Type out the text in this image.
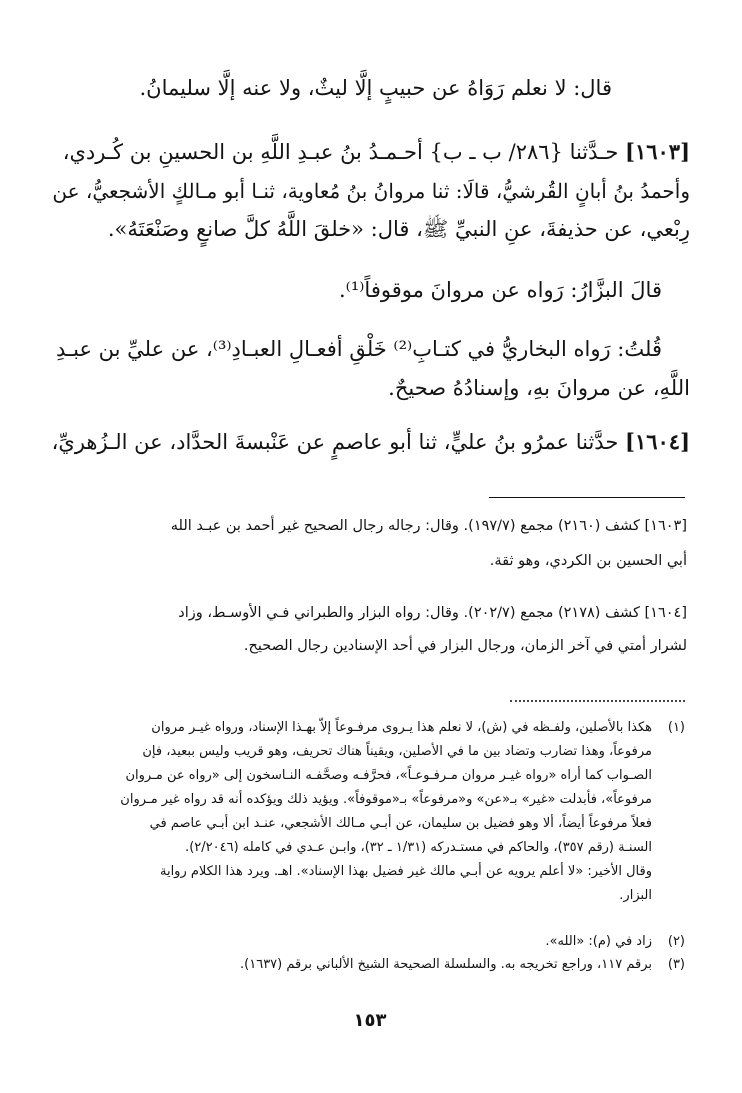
قال: لا نعلم رَوَاهُ عن حبيبٍ إلَّا ليثٌ، ولا عنه إلَّا سليمانُ.
[١٦٠٣] حـدَّثنا {٢٨٦/ ب ـ ب} أحـمـدُ بنُ عبـدِ اللَّهِ بن الحسينِ بن كُـردي،
وأحمدُ بنُ أبانٍ القُرشيُّ، قالَا: ثنا مروانُ بنُ مُعاوية، ثنـا أبو مـالكٍ الأشجعيُّ، عن
رِبْعي، عن حذيفةَ، عنِ النبيِّ ﷺ، قال: «خلقَ اللَّهُ كلَّ صانعٍ وصَنْعَتَهُ».
قالَ البزَّارُ: رَواه عن مروانَ موقوفاً⁽¹⁾.
قُلتُ: رَواه البخاريُّ في كتـابِ⁽²⁾ خَلْقِ أفعـالِ العبـادِ⁽³⁾، عن عليِّ بن عبـدِ
اللَّهِ، عن مروانَ بهِ، وإسنادُهُ صحيحٌ.
[١٦٠٤] حدَّثنا عمرُو بنُ عليٍّ، ثنا أبو عاصمٍ عن عَنْبسةَ الحدَّاد، عن الـزُهريِّ،
[١٦٠٣] كشف (٢١٦٠) مجمع (١٩٧/٧). وقال: رجاله رجال الصحيح غير أحمد بن عبـد الله
أبي الحسين بن الكردي، وهو ثقة.
[١٦٠٤] كشف (٢١٧٨) مجمع (٢٠٢/٧). وقال: رواه البزار والطبراني فـي الأوسـط، وزاد
لشرار أمتي في آخر الزمان، ورجال البزار في أحد الإسنادين رجال الصحيح.
(١)
هكذا بالأصلين، ولفـظه في (ش)، لا نعلم هذا يـروى مرفـوعاً إلاّ بهـذا الإسناد، ورواه غيـر مروان
مرفوعاً، وهذا تضارب وتضاد بين ما في الأصلين، ويقيناً هناك تحريف، وهو قريب وليس ببعيد، فإن
الصـواب كما أراه «رواه غيـر مروان مـرفـوعـاً»، فحرَّفـه وصحَّفـه النـاسخون إلى «رواه عن مـروان
مرفوعاً»، فأبدلت «غير» بـ«عن» و«مرفوعاً» بـ«موقوفاً». ويؤيد ذلك ويؤكده أنه قد رواه غير مـروان
فعلاً مرفوعاً أيضاً، ألا وهو فضيل بن سليمان، عن أبـي مـالك الأشجعي، عنـد ابن أبـي عاصم في
السنـة (رقم ٣٥٧)، والحاكم في مستـدركه (١/٣١ ـ ٣٢)، وابـن عـدي في كامله (٢/٢٠٤٦).
وقال الأخير: «لا أعلم يرويه عن أبـي مالك غير فضيل بهذا الإسناد». اهـ. ويرد هذا الكلام رواية
البزار.
(٢)
زاد في (م): «الله».
(٣)
برقم ١١٧، وراجع تخريجه به. والسلسلة الصحيحة الشيخ الألباني برقم (١٦٣٧).
١٥٣
